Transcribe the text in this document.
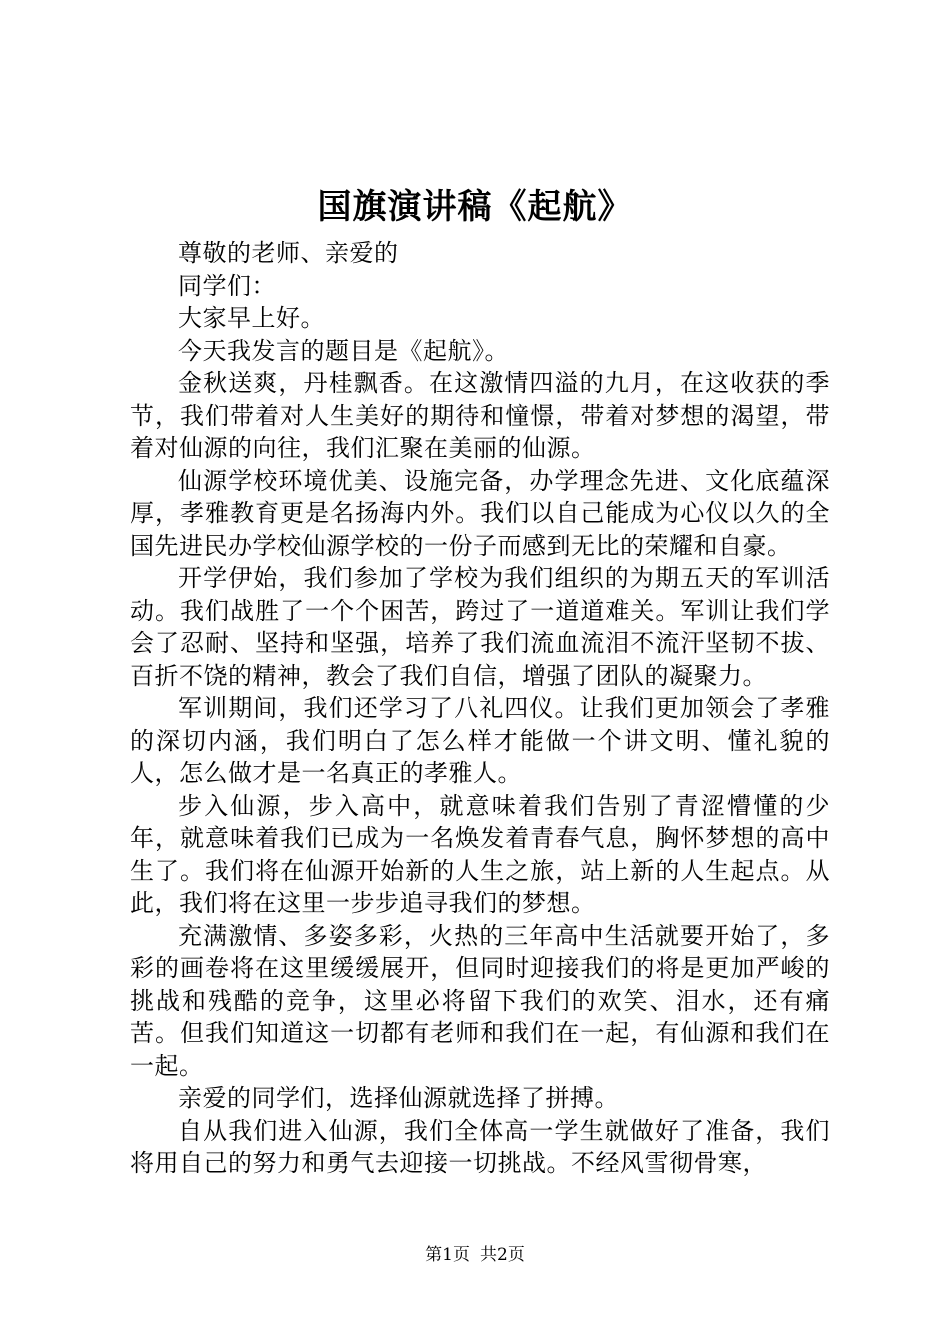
国旗演讲稿《起航》

尊敬的老师、亲爱的

同学们：

大家早上好。

今天我发言的题目是《起航》。

金秋送爽，丹桂飘香。在这激情四溢的九月，在这收获的季节，我们带着对人生美好的期待和憧憬，带着对梦想的渴望，带着对仙源的向往，我们汇聚在美丽的仙源。

仙源学校环境优美、设施完备，办学理念先进、文化底蕴深厚，孝雅教育更是名扬海内外。我们以自己能成为心仪以久的全国先进民办学校仙源学校的一份子而感到无比的荣耀和自豪。

开学伊始，我们参加了学校为我们组织的为期五天的军训活动。我们战胜了一个个困苦，跨过了一道道难关。军训让我们学会了忍耐、坚持和坚强，培养了我们流血流泪不流汗坚韧不拔、百折不饶的精神，教会了我们自信，增强了团队的凝聚力。

军训期间，我们还学习了八礼四仪。让我们更加领会了孝雅的深切内涵，我们明白了怎么样才能做一个讲文明、懂礼貌的人，怎么做才是一名真正的孝雅人。

步入仙源，步入高中，就意味着我们告别了青涩懵懂的少年，就意味着我们已成为一名焕发着青春气息，胸怀梦想的高中生了。我们将在仙源开始新的人生之旅，站上新的人生起点。从此，我们将在这里一步步追寻我们的梦想。

充满激情、多姿多彩，火热的三年高中生活就要开始了，多彩的画卷将在这里缓缓展开，但同时迎接我们的将是更加严峻的挑战和残酷的竞争，这里必将留下我们的欢笑、泪水，还有痛苦。但我们知道这一切都有老师和我们在一起，有仙源和我们在一起。

亲爱的同学们，选择仙源就选择了拼搏。

自从我们进入仙源，我们全体高一学生就做好了准备，我们将用自己的努力和勇气去迎接一切挑战。不经风雪彻骨寒，

第1页 共2页
